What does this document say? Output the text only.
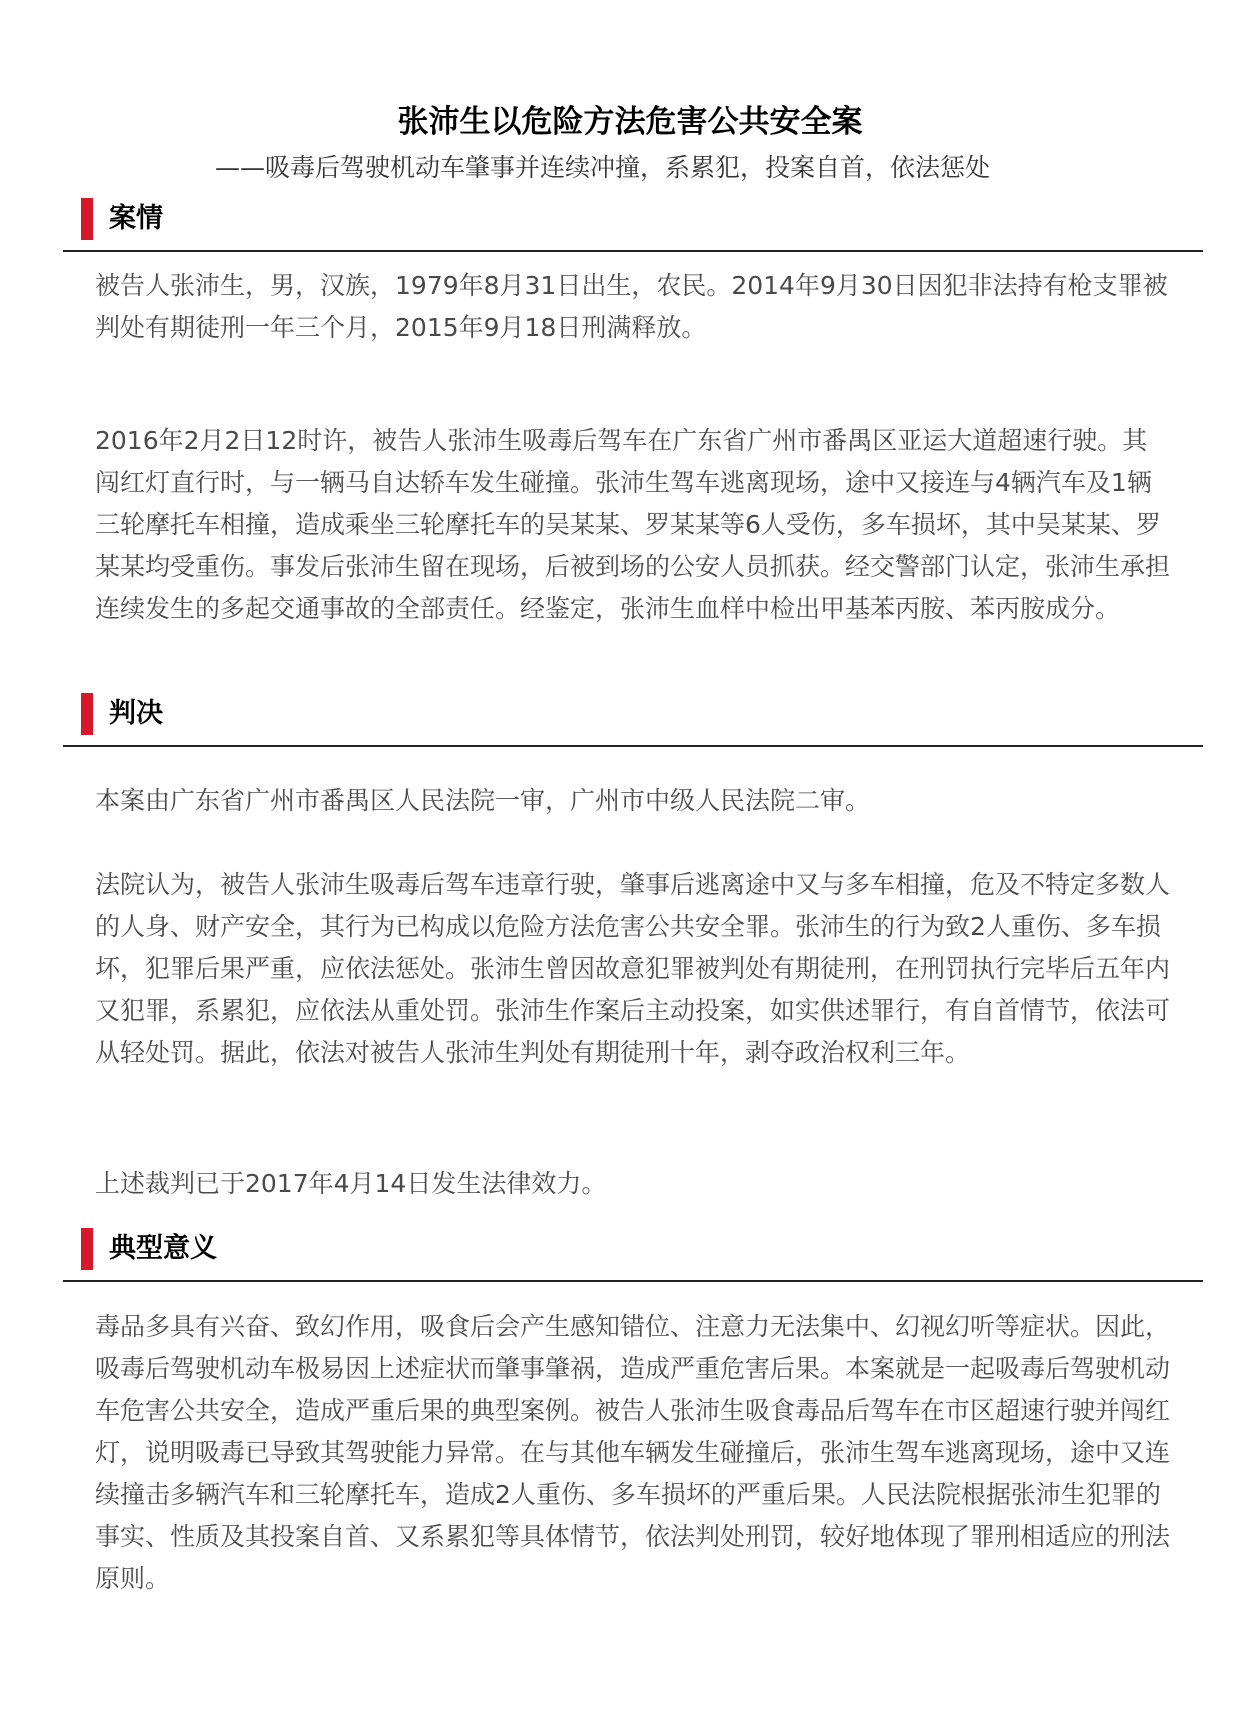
张沛生以危险方法危害公共安全案
——吸毒后驾驶机动车肇事并连续冲撞，系累犯，投案自首，依法惩处
案情

被告人张沛生，男，汉族，1979年8月31日出生，农民。2014年9月30日因犯非法持有枪支罪被判处有期徒刑一年三个月，2015年9月18日刑满释放。

2016年2月2日12时许，被告人张沛生吸毒后驾车在广东省广州市番禺区亚运大道超速行驶。其闯红灯直行时，与一辆马自达轿车发生碰撞。张沛生驾车逃离现场，途中又接连与4辆汽车及1辆三轮摩托车相撞，造成乘坐三轮摩托车的吴某某、罗某某等6人受伤，多车损坏，其中吴某某、罗某某均受重伤。事发后张沛生留在现场，后被到场的公安人员抓获。经交警部门认定，张沛生承担连续发生的多起交通事故的全部责任。经鉴定，张沛生血样中检出甲基苯丙胺、苯丙胺成分。

判决

本案由广东省广州市番禺区人民法院一审，广州市中级人民法院二审。

法院认为，被告人张沛生吸毒后驾车违章行驶，肇事后逃离途中又与多车相撞，危及不特定多数人的人身、财产安全，其行为已构成以危险方法危害公共安全罪。张沛生的行为致2人重伤、多车损坏，犯罪后果严重，应依法惩处。张沛生曾因故意犯罪被判处有期徒刑，在刑罚执行完毕后五年内又犯罪，系累犯，应依法从重处罚。张沛生作案后主动投案，如实供述罪行，有自首情节，依法可从轻处罚。据此，依法对被告人张沛生判处有期徒刑十年，剥夺政治权利三年。

上述裁判已于2017年4月14日发生法律效力。

典型意义

毒品多具有兴奋、致幻作用，吸食后会产生感知错位、注意力无法集中、幻视幻听等症状。因此，吸毒后驾驶机动车极易因上述症状而肇事肇祸，造成严重危害后果。本案就是一起吸毒后驾驶机动车危害公共安全，造成严重后果的典型案例。被告人张沛生吸食毒品后驾车在市区超速行驶并闯红灯，说明吸毒已导致其驾驶能力异常。在与其他车辆发生碰撞后，张沛生驾车逃离现场，途中又连续撞击多辆汽车和三轮摩托车，造成2人重伤、多车损坏的严重后果。人民法院根据张沛生犯罪的事实、性质及其投案自首、又系累犯等具体情节，依法判处刑罚，较好地体现了罪刑相适应的刑法原则。
